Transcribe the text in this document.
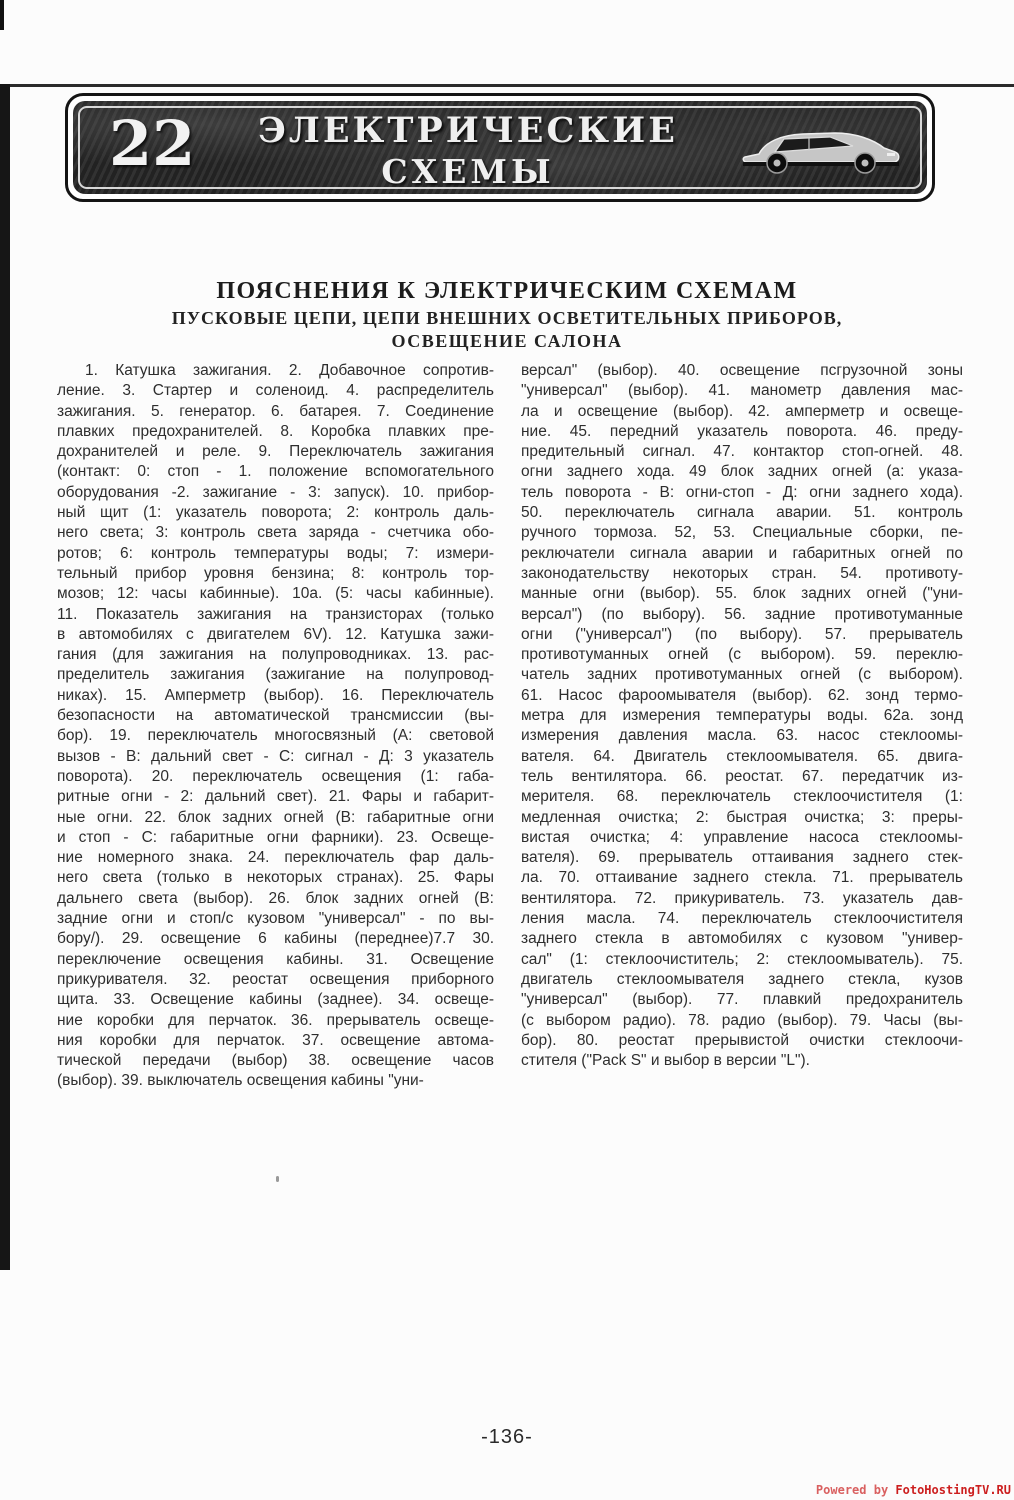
22	ЭЛЕКТРИЧЕСКИЕ
СХЕМЫ
ПОЯСНЕНИЯ К ЭЛЕКТРИЧЕСКИМ СХЕМАМ
ПУСКОВЫЕ ЦЕПИ, ЦЕПИ ВНЕШНИХ ОСВЕТИТЕЛЬНЫХ ПРИБОРОВ,
ОСВЕЩЕНИЕ САЛОНА
1. Катушка зажигания. 2. Добавочное сопротив-
ление. 3. Стартер и соленоид. 4. распределитель
зажигания. 5. генератор. 6. батарея. 7. Соединение
плавких предохранителей. 8. Коробка плавких пре-
дохранителей и реле. 9. Переключатель зажигания
(контакт: 0: стоп - 1. положение вспомогательного
оборудования -2. зажигание - 3: запуск). 10. прибор-
ный щит (1: указатель поворота; 2: контроль даль-
него света; 3: контроль света заряда - счетчика обо-
ротов; 6: контроль температуры воды; 7: измери-
тельный прибор уровня бензина; 8: контроль тор-
мозов; 12: часы кабинные). 10а. (5: часы кабинные).
11. Показатель зажигания на транзисторах (только
в автомобилях с двигателем 6V). 12. Катушка зажи-
гания (для зажигания на полупроводниках. 13. рас-
пределитель зажигания (зажигание на полупровод-
никах). 15. Амперметр (выбор). 16. Переключатель
безопасности на автоматической трансмиссии (вы-
бор). 19. переключатель многосвязный (А: световой
вызов - В: дальний свет - С: сигнал - Д: 3 указатель
поворота). 20. переключатель освещения (1: габа-
ритные огни - 2: дальний свет). 21. Фары и габарит-
ные огни. 22. блок задних огней (В: габаритные огни
и стоп - С: габаритные огни фарники). 23. Освеще-
ние номерного знака. 24. переключатель фар даль-
него света (только в некоторых странах). 25. Фары
дальнего света (выбор). 26. блок задних огней (В:
задние огни и стоп/с кузовом "универсал" - по вы-
бору/). 29. освещение 6 кабины (переднее)7.7 30.
переключение освещения кабины. 31. Освещение
прикуривателя. 32. реостат освещения приборного
щита. 33. Освещение кабины (заднее). 34. освеще-
ние коробки для перчаток. 36. прерыватель освеще-
ния коробки для перчаток. 37. освещение автома-
тической передачи (выбор) 38. освещение часов
(выбор). 39. выключатель освещения кабины "уни-
версал" (выбор). 40. освещение псгрузочной зоны
"универсал" (выбор). 41. манометр давления мас-
ла и освещение (выбор). 42. амперметр и освеще-
ние. 45. передний указатель поворота. 46. преду-
предительный сигнал. 47. контактор стоп-огней. 48.
огни заднего хода. 49 блок задних огней (а: указа-
тель поворота - В: огни-стоп - Д: огни заднего хода).
50. переключатель сигнала аварии. 51. контроль
ручного тормоза. 52, 53. Специальные сборки, пе-
реключатели сигнала аварии и габаритных огней по
законодательству некоторых стран. 54. противоту-
манные огни (выбор). 55. блок задних огней ("уни-
версал") (по выбору). 56. задние противотуманные
огни ("универсал") (по выбору). 57. прерыватель
противотуманных огней (с выбором). 59. переклю-
чатель задних противотуманных огней (с выбором).
61. Насос фароомывателя (выбор). 62. зонд термо-
метра для измерения температуры воды. 62а. зонд
измерения давления масла. 63. насос стеклоомы-
вателя. 64. Двигатель стеклоомывателя. 65. двига-
тель вентилятора. 66. реостат. 67. передатчик из-
мерителя. 68. переключатель стеклоочистителя (1:
медленная очистка; 2: быстрая очистка; 3: преры-
вистая очистка; 4: управление насоса стеклоомы-
вателя). 69. прерыватель оттаивания заднего стек-
ла. 70. оттаивание заднего стекла. 71. прерыватель
вентилятора. 72. прикуриватель. 73. указатель дав-
ления масла. 74. переключатель стеклоочистителя
заднего стекла в автомобилях с кузовом "универ-
сал" (1: стеклоочиститель; 2: стеклоомыватель). 75.
двигатель стеклоомывателя заднего стекла, кузов
"универсал" (выбор). 77. плавкий предохранитель
(с выбором радио). 78. радио (выбор). 79. Часы (вы-
бор). 80. реостат прерывистой очистки стеклоочи-
стителя ("Pack S" и выбор в версии "L").
-136-
Powered by FotoHostingTV.RU
